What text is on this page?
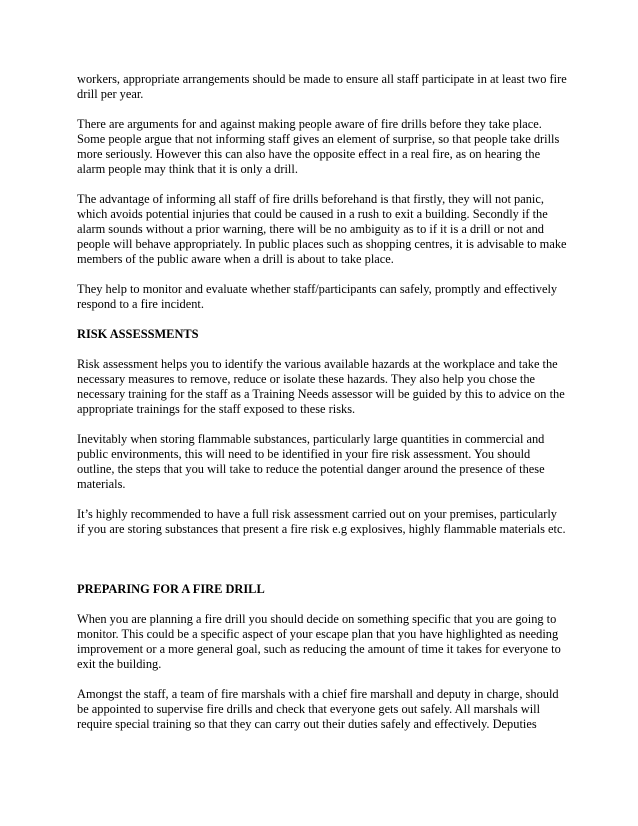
workers, appropriate arrangements should be made to ensure all staff participate in at least two fire drill per year.

There are arguments for and against making people aware of fire drills before they take place. Some people argue that not informing staff gives an element of surprise, so that people take drills more seriously. However this can also have the opposite effect in a real fire, as on hearing the alarm people may think that it is only a drill.

The advantage of informing all staff of fire drills beforehand is that firstly, they will not panic, which avoids potential injuries that could be caused in a rush to exit a building. Secondly if the alarm sounds without a prior warning, there will be no ambiguity as to if it is a drill or not and people will behave appropriately. In public places such as shopping centres, it is advisable to make members of the public aware when a drill is about to take place.

They help to monitor and evaluate whether staff/participants can safely, promptly and effectively respond to a fire incident.

RISK ASSESSMENTS

Risk assessment helps you to identify the various available hazards at the workplace and take the necessary measures to remove, reduce or isolate these hazards. They also help you chose the necessary training for the staff as a Training Needs assessor will be guided by this to advice on the appropriate trainings for the staff exposed to these risks.

Inevitably when storing flammable substances, particularly large quantities in commercial and public environments, this will need to be identified in your fire risk assessment. You should outline, the steps that you will take to reduce the potential danger around the presence of these materials.

It’s highly recommended to have a full risk assessment carried out on your premises, particularly if you are storing substances that present a fire risk e.g explosives, highly flammable materials etc.

PREPARING FOR A FIRE DRILL

When you are planning a fire drill you should decide on something specific that you are going to monitor. This could be a specific aspect of your escape plan that you have highlighted as needing improvement or a more general goal, such as reducing the amount of time it takes for everyone to exit the building.

Amongst the staff, a team of fire marshals with a chief fire marshall and deputy in charge, should be appointed to supervise fire drills and check that everyone gets out safely. All marshals will require special training so that they can carry out their duties safely and effectively. Deputies
